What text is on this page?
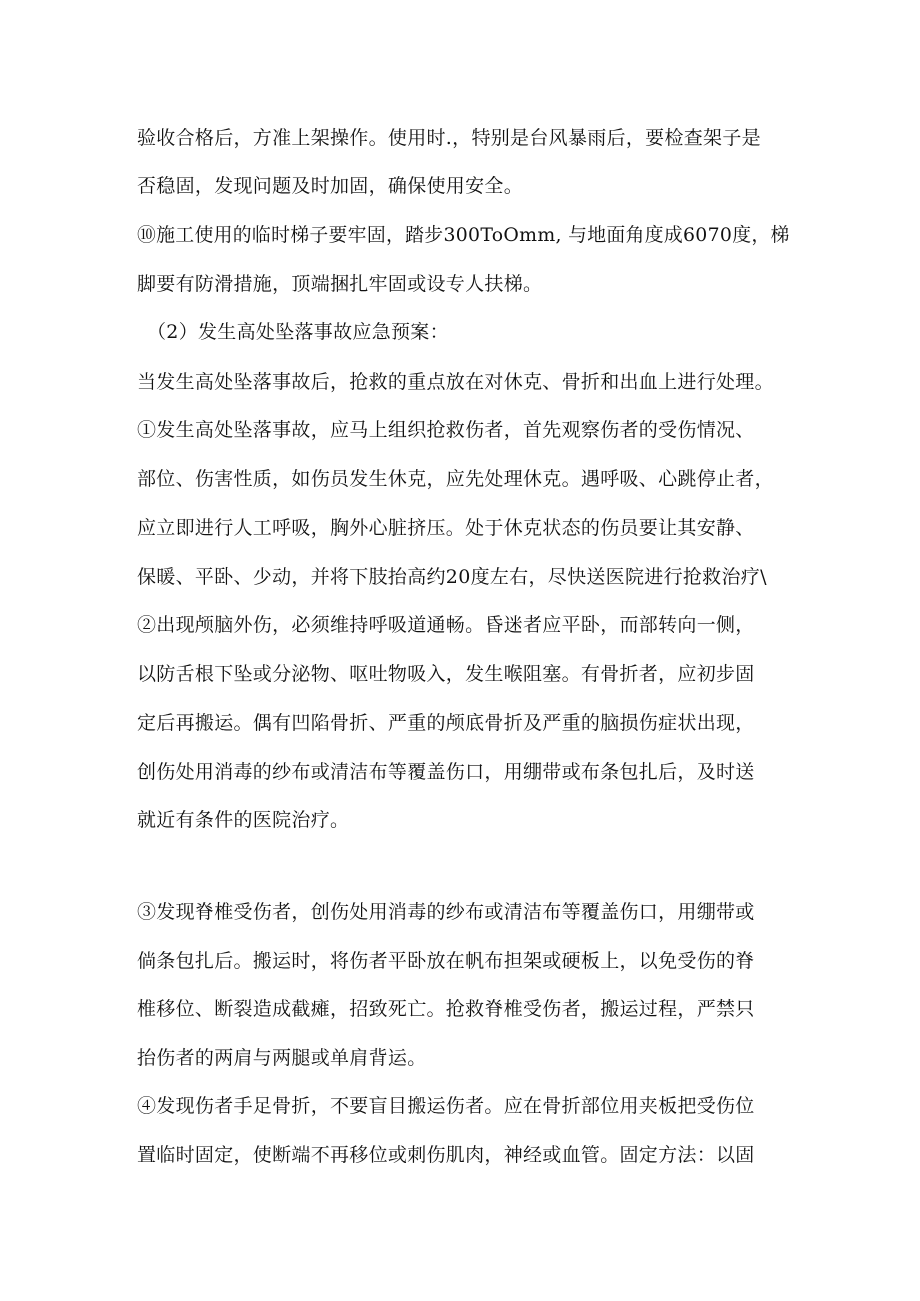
验收合格后，方准上架操作。使用时.，特别是台风暴雨后，要检查架子是
否稳固，发现问题及时加固，确保使用安全。
⑩施工使用的临时梯子要牢固，踏步300ToOmm, 与地面角度成6070度，梯
脚要有防滑措施，顶端捆扎牢固或设专人扶梯。
（2）发生高处坠落事故应急预案：
当发生高处坠落事故后，抢救的重点放在对休克、骨折和出血上进行处理。
①发生高处坠落事故，应马上组织抢救伤者，首先观察伤者的受伤情况、
部位、伤害性质，如伤员发生休克，应先处理休克。遇呼吸、心跳停止者，
应立即进行人工呼吸，胸外心脏挤压。处于休克状态的伤员要让其安静、
保暖、平卧、少动，并将下肢抬高约20度左右，尽快送医院进行抢救治疗\
②出现颅脑外伤，必须维持呼吸道通畅。昏迷者应平卧，而部转向一侧，
以防舌根下坠或分泌物、呕吐物吸入，发生喉阻塞。有骨折者，应初步固
定后再搬运。偶有凹陷骨折、严重的颅底骨折及严重的脑损伤症状出现，
创伤处用消毒的纱布或清洁布等覆盖伤口，用绷带或布条包扎后，及时送
就近有条件的医院治疗。
③发现脊椎受伤者，创伤处用消毒的纱布或清洁布等覆盖伤口，用绷带或
倘条包扎后。搬运时，将伤者平卧放在帆布担架或硬板上，以免受伤的脊
椎移位、断裂造成截瘫，招致死亡。抢救脊椎受伤者，搬运过程，严禁只
抬伤者的两肩与两腿或单肩背运。
④发现伤者手足骨折，不要盲目搬运伤者。应在骨折部位用夹板把受伤位
置临时固定，使断端不再移位或刺伤肌肉，神经或血管。固定方法：以固
